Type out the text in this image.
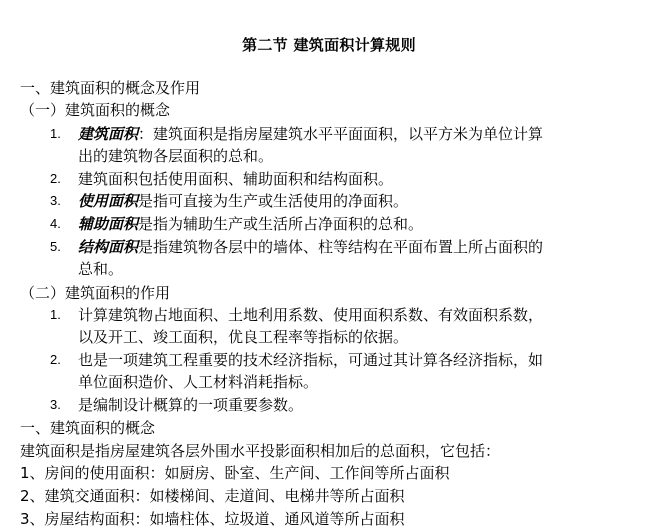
第二节 建筑面积计算规则
一、建筑面积的概念及作用
（一）建筑面积的概念
1. 建筑面积：建筑面积是指房屋建筑水平平面面积，以平方米为单位计算
出的建筑物各层面积的总和。
2. 建筑面积包括使用面积、辅助面积和结构面积。
3. 使用面积是指可直接为生产或生活使用的净面积。
4. 辅助面积是指为辅助生产或生活所占净面积的总和。
5. 结构面积是指建筑物各层中的墙体、柱等结构在平面布置上所占面积的
总和。
（二）建筑面积的作用
1. 计算建筑物占地面积、土地利用系数、使用面积系数、有效面积系数，
以及开工、竣工面积，优良工程率等指标的依据。
2. 也是一项建筑工程重要的技术经济指标，可通过其计算各经济指标，如
单位面积造价、人工材料消耗指标。
3. 是编制设计概算的一项重要参数。
一、建筑面积的概念
建筑面积是指房屋建筑各层外围水平投影面积相加后的总面积，它包括：
1、房间的使用面积：如厨房、卧室、生产间、工作间等所占面积
2、建筑交通面积：如楼梯间、走道间、电梯井等所占面积
3、房屋结构面积：如墙柱体、垃圾道、通风道等所占面积
